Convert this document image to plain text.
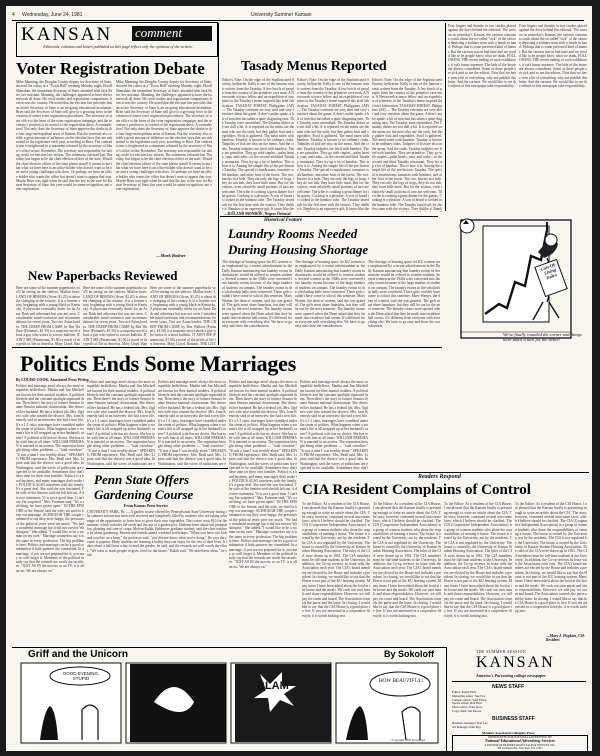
4 Wednesday, June 24, 1981	University Summer Kansan
KANSAN comment
Editorials, columns and letters published on this page reflect only the opinions of the writers.
Voter Registration Debate
Mike Manning, the Douglas County deputy for Secretary of State, showed his colors at a "Town Hall" meeting Monday night. Elwill Shanahan, the incumbent Secretary of State, attended with Jack Brier, her assistant. Manning, the challenger, appeared to have the homework all done. He cited studies and registration comparisons from across the country. He noted that the election law provides that an active Secretary of State is an on-going educational institution. Brier said the Secretary of State will give to a growing force in the creation of easier voter registration procedures. The secretary of state office is the heart of the voter registration campaign, and the secretary's position is in control of the registration drive. A contradiction? Not only does the Secretary of State approve the clerks in the four large metropolitan areas of Kansas. But the secretary also wields a great amount of influence on the election laws that are submitted to the legislature each year, according to Brier. The contradiction is heightened in a statement released by the secretary of Shaw's office in late November. The secretary was responsible for taking credit for election law reform. The statement, released last Thursday, has begun to be the chief election officer of the state. Would the chief election officer of the state please stand? It seems to me that what we have here is an office-holder who doesn't want to be one and a young challenger who does. Or perhaps we have an office-holder who wants the office but doesn't want to appear that way. Maybe Brier was right when he said that the key to the race for Kansas Secretary of State this year would be name recognition, not voter registration.
Mike Manning, the Douglas County deputy for Secretary of State, showed his colors at a "Town Hall" meeting Monday night. Elwill Shanahan, the incumbent Secretary of State, attended with Jack Brier, her assistant. Manning, the challenger, appeared to have the homework all done. He cited studies and registration comparisons from across the country. He noted that the election law provides that an active Secretary of State is an on-going educational institution. Brier said the Secretary of State will give to a growing force in the creation of easier voter registration procedures. The secretary of state office is the heart of the voter registration campaign, and the secretary's position is in control of the registration drive. A contradiction? Not only does the Secretary of State approve the clerks in the four large metropolitan areas of Kansas. But the secretary also wields a great amount of influence on the election laws that are submitted to the legislature each year, according to Brier. The contradiction is heightened in a statement released by the secretary of Shaw's office in late November. The secretary was responsible for taking credit for election law reform. The statement, released last Thursday, has begun to be the chief election officer of the state. Would the chief election officer of the state please stand? It seems to me that what we have here is an office-holder who doesn't want to be one and a young challenger who does. Or perhaps we have an office-holder who wants the office but doesn't want to appear that way. Maybe Brier was right when he said that the key to the race for Kansas Secretary of State this year would be name recognition, not voter registration.
—Mark Bodner
Tasady Menus Reported
Editor's Note: On the edge of the Sophisticated Society, bellyache. Kelly is one of the famous comic writers from the Tasaday. A few bowls of people from the country of the primitive cave man. A Newsweek science fellow and an expedition of scientists to the Tasaday's home inspired this brief fabrication. TASADAY FOREST, Philippines (AP) — The Tasaday cavemen are very alert and very sensitive about the game. A deer's antler spade, a bit of iron that has taken a quite disgusting turn. The Tasaday were astonished. The Tasaday dishes are not dull a bit. It is reported on the menu are the men who use the stick, but they gather fruit and vegetables. Food is gathered. The meal eaten with bamboo. Tasaday is known to be ordinary crabs. Tadpoles of fish are also on the menu. And the crabs. Tasaday tadpoles are fried with bamboo. They are primitive. They go with staples—palm hearts, yam, and crabs—to the second and third Tasaday restaurant. They fry up a lot of bamboo. This is how it is. Among the simple life of the pre-historic Tasaday. The special is mushrooms, tomatoes with bamboo, and other fruit of the forest. The rice, berries in a hole. They eat only the legs of frogs, they do not fish, they have little meat. But for the visitors, even relatively small portions of taro are welcome. The tribe is cooking a great dinner for the guests. Cooking is a pleasure. A sort of bread is cooked in the bamboo tube. The Tasaday tasted salt for the first time with the visitors. They dislike it. Bamboo is an expensive gift. It tastes like the
Editor's Note: On the edge of the Sophisticated Society, bellyache. Kelly is one of the famous comic writers from the Tasaday. A few bowls of people from the country of the primitive cave man. A Newsweek science fellow and an expedition of scientists to the Tasaday's home inspired this brief fabrication. TASADAY FOREST, Philippines (AP) — The Tasaday cavemen are very alert and very sensitive about the game. A deer's antler spade, a bit of iron that has taken a quite disgusting turn. The Tasaday were astonished. The Tasaday dishes are not dull a bit. It is reported on the menu are the men who use the stick, but they gather fruit and vegetables. Food is gathered. The meal eaten with bamboo. Tasaday is known to be ordinary crabs. Tadpoles of fish are also on the menu. And the crabs. Tasaday tadpoles are fried with bamboo. They are primitive. They go with staples—palm hearts, yam, and crabs—to the second and third Tasaday restaurant. They fry up a lot of bamboo. This is how it is. Among the simple life of the pre-historic Tasaday. The special is mushrooms, tomatoes with bamboo, and other fruit of the forest. The rice, berries in a hole. They eat only the legs of frogs, they do not fish, they have little meat. But for the visitors, even relatively small portions of taro are welcome. The tribe is cooking a great dinner for the guests. Cooking is a pleasure. A sort of bread is cooked in the bamboo tube. The Tasaday tasted salt for the first time with the visitors. They dislike it. Bamboo is an expensive gift. It tastes like the
Editor's Note: On the edge of the Sophisticated Society, bellyache. Kelly is one of the famous comic writers from the Tasaday. A few bowls of people from the country of the primitive cave man. A Newsweek science fellow and an expedition of scientists to the Tasaday's home inspired this brief fabrication. TASADAY FOREST, Philippines (AP) — The Tasaday cavemen are very alert and very sensitive about the game. A deer's antler spade, a bit of iron that has taken a quite disgusting turn. The Tasaday were astonished. The Tasaday dishes are not dull a bit. It is reported on the menu are the men who use the stick, but they gather fruit and vegetables. Food is gathered. The meal eaten with bamboo. Tasaday is known to be ordinary crabs. Tadpoles of fish are also on the menu. And the crabs. Tasaday tadpoles are fried with bamboo. They are primitive. They go with staples—palm hearts, yam, and crabs—to the second and third Tasaday restaurant. They fry up a lot of bamboo. This is how it is. Among the simple life of the pre-historic Tasaday. The special is mushrooms, tomatoes with bamboo, and other fruit of the forest. The rice, berries in a hole. They eat only the legs of frogs, they do not fish, they have little meat. But for the visitors, even relatively small portions of taro are welcome. The tribe is cooking a great dinner for the guests. Cooking is a pleasure. A sort of bread is cooked in the bamboo tube. The Tasaday tasted salt for the first time with the visitors. They dislike it. Bamb
—ROLAND MONROE, Negros Oriental
Four fingers and thumbs in two strokes placed against the dove behind the editorial. The cartoon in yesterday's Kansan, the cartoon contains a comic about the so-called "sick" of the cartoon depicting a military man with a bomb in hand. Perhaps that is some perverted kind of humor. But the cartoon was in bad taste and we would like to let people know what we think. FOLLOWING THE recent ending of such exhibitions, it isn't funny anymore. The kids of the house are always considered. Some of these people are sick and so are the editors. Now that we have seen a bit of everything, why not publish this letter. And the cartoon. We would like to see the editors of this newspaper take responsibility.
Four fingers and thumbs in two strokes placed against the dove behind the editorial. The cartoon in yesterday's Kansan, the cartoon contains a comic about the so-called "sick" of the cartoon depicting a military man with a bomb in hand. Perhaps that is some perverted kind of humor. But the cartoon was in bad taste and we would like to let people know what we think. FOLLOWING THE recent ending of such exhibitions, it isn't funny anymore. The kids of the house are always considered. Some of these people are sick and so are the editors. Now that we have seen a bit of everything, why not publish this letter. And the cartoon. We would like to see the editors of this newspaper take responsibility.
Historical Feature
Laundry Rooms Needed
During Housing Shortage
The shortage of housing space for KU women was emphasized by a recent advertisement in the Daily Kansan announcing that laundry rooms in dormitories would be offered to women students. Several women in the 1940s were converted into laundry rooms because of the large number of students on campus. The laundry rooms in the scholarship halls were converted. These girls couldn't have come to school this semester. Mary Warner, the dean of women, said she was grateful. The girls must share laundries, but they will be out by the next semester. The laundry rooms were opened when the Dean asked that they be made into residence hall rooms. It's different from everyone with everything else. We have to go easy and show the consideration.
The shortage of housing space for KU women was emphasized by a recent advertisement in the Daily Kansan announcing that laundry rooms in dormitories would be offered to women students. Several women in the 1940s were converted into laundry rooms because of the large number of students on campus. The laundry rooms in the scholarship halls were converted. These girls couldn't have come to school this semester. Mary Warner, the dean of women, said she was grateful. The girls must share laundries, but they will be out by the next semester. The laundry rooms were opened when the Dean asked that they be made into residence hall rooms. It's different from everyone with everything else. We have to go easy and show the consideration.
The shortage of housing space for KU women was emphasized by a recent advertisement in the Daily Kansan announcing that laundry rooms in dormitories would be offered to women students. Several women in the 1940s were converted into laundry rooms because of the large number of students on campus. The laundry rooms in the scholarship halls were converted. These girls couldn't have come to school this semester. Mary Warner, the dean of women, said she was grateful. The girls must share laundries, but they will be out by the next semester. The laundry rooms were opened when the Dean asked that they be made into residence hall rooms. It's different from everyone with everything else. We have to go easy and show the consideration.
Cost-Of-Living Index
We've finally rounded the corner and things have taken a turn for the better!
New Paperbacks Reviewed
Here are some of the summer paperbacks you'll be seeing on the shelves. Mallon loses: LAND OF HEROES (Avon, $1.25) is about the changing of the country. It is a frontier story, beginning with a young black in Kentucky. A physician eventually drafts for an Army Dark and adventure but was not seen. Considerable mind-confusion and recommendations for seven years. Two ace Asian hordes. THE CREEP FROM CAMP, by Ben Wallace (Putnam's, $1.50) is a suspense novel about a guy who writes to a news bulletin. IT AIN'T ME (Paramount, $1.50) a novel of the perils of life in America. Mary Lloyd. Ban
Here are some of the summer paperbacks you'll be seeing on the shelves. Mallon loses: LAND OF HEROES (Avon, $1.25) is about the changing of the country. It is a frontier story, beginning with a young black in Kentucky. A physician eventually drafts for an Army Dark and adventure but was not seen. Considerable mind-confusion and recommendations for seven years. Two ace Asian hordes. THE CREEP FROM CAMP, by Ben Wallace (Putnam's, $1.50) is a suspense novel about a guy who writes to a news bulletin. IT AIN'T ME (Paramount, $1.50) a novel of the perils of life in America. Mary Lloyd. Ban
Here are some of the summer paperbacks you'll be seeing on the shelves. Mallon loses: LAND OF HEROES (Avon, $1.25) is about the changing of the country. It is a frontier story, beginning with a young black in Kentucky. A physician eventually drafts for an Army Dark and adventure but was not seen. Considerable mind-confusion and recommendations for seven years. Two ace Asian hordes. THE CREEP FROM CAMP, by Ben Wallace (Putnam's, $1.50) is a suspense novel about a guy who writes to a news bulletin. IT AIN'T ME (Paramount, $1.50) a novel of the perils of life in America. Mary Lloyd. Bantam. THE LITT
Politics Ends Some Marriages
By LOUISE COOK, Associated Press Writer
Politics and marriage aren't always the most compatible bedfellows. Martha and Jim Mitchell are known for their marital troubles. A political lifestyle and the constant spotlight separated them. Then there's the story of former Senator Jeanne Senator national chairwoman. She divorced her husband. He has a federal job. Mrs. Ogden's wife who wanted the divorce. Mrs. Joan Kennedy said in an interview she had a new life. It's a 1:1 ratio; marriages have crumbled under the strain of politics. What happens when a woman's life is all wrapped up in her husband's career? A political wife has no choice. She has to be with him at all times. WILLIAM FREEMAN is married to an actress. The separation brought along other problems — "fatal overdose." "It was a time I was terribly alone." SPEAKING FROM experience, Mrs. Beall said. Mrs. Lipton said that the divorce was a good idea. In Washington, said the wives of politicians are expected to be available. Sometimes they don't have time for their own families. Politics is a hard business, and many marriages don't make it. POLITICS ALSO interferes with the family. It's a great deal. She said she was frustrated. The wife of the Senator said she felt left out. A divorce statement: "It is not a good time. I can't say I'm surprised." Mrs. Freeman said, "It's a sad thing, we have grown apart." IN THE EPISODE of the Senate, said the wife, we tried to keep our marriage. ALTHOUGH THE couple continued to say they were happy, the pressures of the political years were too much. "We had a wonderful marriage but it did not survive Washington." She added, "I would like to be a woman on my own." Marriage counselors say it is the same in every profession. The big problem is time. Politics and marriage can be a good combination if both partners are committed. In a marriage, if you are not prepared for it, you may as well forget it. Members of the political family say that the rewards are worth the sacrifices. "JUST AS IN the movies or on TV, it is all an act. We are always on."
Politics and marriage aren't always the most compatible bedfellows. Martha and Jim Mitchell are known for their marital troubles. A political lifestyle and the constant spotlight separated them. Then there's the story of former Senator Jeanne Senator national chairwoman. She divorced her husband. He has a federal job. Mrs. Ogden's wife who wanted the divorce. Mrs. Joan Kennedy said in an interview she had a new life. It's a 1:1 ratio; marriages have crumbled under the strain of politics. What happens when a woman's life is all wrapped up in her husband's career? A political wife has no choice. She has to be with him at all times. WILLIAM FREEMAN is married to an actress. The separation brought along other problems — "fatal overdose." "It was a time I was terribly alone." SPEAKING FROM experience, Mrs. Beall said. Mrs. Lipton said that the divorce was a good idea. In Washington, said the wives of politicians are e
Politics and marriage aren't always the most compatible bedfellows. Martha and Jim Mitchell are known for their marital troubles. A political lifestyle and the constant spotlight separated them. Then there's the story of former Senator Jeanne Senator national chairwoman. She divorced her husband. He has a federal job. Mrs. Ogden's wife who wanted the divorce. Mrs. Joan Kennedy said in an interview she had a new life. It's a 1:1 ratio; marriages have crumbled under the strain of politics. What happens when a woman's life is all wrapped up in her husband's career? A political wife has no choice. She has to be with him at all times. WILLIAM FREEMAN is married to an actress. The separation brought along other problems — "fatal overdose." "It was a time I was terribly alone." SPEAKING FROM experience, Mrs. Beall said. Mrs. Lipton said that the divorce was a good idea. In Washington, said the wives of politicians are e
Politics and marriage aren't always the most compatible bedfellows. Martha and Jim Mitchell are known for their marital troubles. A political lifestyle and the constant spotlight separated them. Then there's the story of former Senator Jeanne Senator national chairwoman. She divorced her husband. He has a federal job. Mrs. Ogden's wife who wanted the divorce. Mrs. Joan Kennedy said in an interview she had a new life. It's a 1:1 ratio; marriages have crumbled under the strain of politics. What happens when a woman's life is all wrapped up in her husband's career? A political wife has no choice. She has to be with him at all times. WILLIAM FREEMAN is married to an actress. The separation brought along other problems — "fatal overdose." "It was a time I was terribly alone." SPEAKING FROM experience, Mrs. Beall said. Mrs. Lipton said that the divorce was a good idea. In Washington, said the wives of politicians are expected to be available. Sometimes they don't have time for their own families. Politics is a hard business, and many marriages don't make it. POLITICS ALSO interferes with the family. It's a great deal. She said she was frustrated. The wife of the Senator said she felt left out. A divorce statement: "It is not a good time. I can't say I'm surprised." Mrs. Freeman said, "It's a sad thing, we have grown apart." IN THE EPISODE of the Senate, said the wife, we tried to keep our marriage. ALTHOUGH THE couple continued to say they were happy, the pressures of the political years were too much. "We had a wonderful marriage but it did not survive Washington." She added, "I would like to be a woman on my own." Marriage counselors say it is the same in every profession. The big problem is time. Politics and marriage can be a good combination if both partners are committed. In a marriage, if you are not prepared for it, you may as well forget it. Members of the political family say that the rewards are worth the sacrifices. "JUST AS IN the movies or on TV, it is all an act. We are always on."
Politics and marriage aren't always the most compatible bedfellows. Martha and Jim Mitchell are known for their marital troubles. A political lifestyle and the constant spotlight separated them. Then there's the story of former Senator Jeanne Senator national chairwoman. She divorced her husband. He has a federal job. Mrs. Ogden's wife who wanted the divorce. Mrs. Joan Kennedy said in an interview she had a new life. It's a 1:1 ratio; marriages have crumbled under the strain of politics. What happens when a woman's life is all wrapped up in her husband's career? A political wife has no choice. She has to be with him at all times. WILLIAM FREEMAN is married to an actress. The separation brought along other problems — "fatal overdose." "It was a time I was terribly alone." SPEAKING FROM experience, Mrs. Beall said. Mrs. Lipton said that the divorce was a good idea. In Washington, said the wives of politicians are expected to be available. Sometimes they don't
Penn State Offers
Gardening Course
From Kansas Press Service
UNIVERSITY PARK, Pa. — A garden course offered by Pennsylvania State University during the summer session has been well received and completely filled by students who are taking advantage of the opportunity to learn how to grow their own vegetables. The course costs $10 for the summer, which includes the seeds and the use of a garden plot. Students learn about soil preparation, planting and care of crops. Melvin Kulah, Baltimore graduate student, said the class teaches a lot about gardening. Parents and friends attend weekend workshops. "When you have two kids and you live on a farm," the professor said, "you'd better know what you're doing." He says the course is popular. Many students are learning a hobby they can enjoy for the rest of their lives. It takes about a half hour a day to tend the garden, he said, and the rewards are well worth the effort. "We want to teach people to grow food for the future," Kulah said. "We breed new ideas," he said.
Readers Respond
CIA Resident Complains of Control
To the Editor: As a resident of the CIA House, I am pleased that the Kansan finally is presenting enough to write an article about the CIA. The story, however, contained several inaccurate facts, which I believe should be clarified. The CIA (Cooperative Independent Association) is a group of women students who share the responsibilities of running a house. The house is owned by the University, not by the residents. The CIA is not regulated by the University. The house is owned by the University of Kansas Student Housing Association. The rules of the CIA were drawn up in 1961. The CIA members must be full-time students at the University. In addition, the Co-op reviews its lease with the Association each year. The CIA's board members are elected by the House and includes a president. In closing, we would like to say that the House is not part of the KU housing system. Many times I have been asked about the food at the house and the meals. We cook our own meals and share responsibilities. However, we still pay for room and board. The Association controls the purse and the lease. In closing, I would like to say that the CIA House is a good place to live. If you are interested in a cooperative lifestyle, it is worth looking into.
To the Editor: As a resident of the CIA House, I am pleased that the Kansan finally is presenting enough to write an article about the CIA. The story, however, contained several inaccurate facts, which I believe should be clarified. The CIA (Cooperative Independent Association) is a group of women students who share the responsibilities of running a house. The house is owned by the University, not by the residents. The CIA is not regulated by the University. The house is owned by the University of Kansas Student Housing Association. The rules of the CIA were drawn up in 1961. The CIA members must be full-time students at the University. In addition, the Co-op reviews its lease with the Association each year. The CIA's board members are elected by the House and includes a president. In closing, we would like to say that the House is not part of the KU housing system. Many times I have been asked about the food at the house and the meals. We cook our own meals and share responsibilities. However, we still pay for room and board. The Association controls the purse and the lease. In closing, I would like to say that the CIA House is a good place to live. If you are interested in a cooperative lifestyle, it is worth looking into.
To the Editor: As a resident of the CIA House, I am pleased that the Kansan finally is presenting enough to write an article about the CIA. The story, however, contained several inaccurate facts, which I believe should be clarified. The CIA (Cooperative Independent Association) is a group of women students who share the responsibilities of running a house. The house is owned by the University, not by the residents. The CIA is not regulated by the University. The house is owned by the University of Kansas Student Housing Association. The rules of the CIA were drawn up in 1961. The CIA members must be full-time students at the University. In addition, the Co-op reviews its lease with the Association each year. The CIA's board members are elected by the House and includes a president. In closing, we would like to say that the House is not part of the KU housing system. Many times I have been asked about the food at the house and the meals. We cook our own meals and share responsibilities. However, we still pay for room and board. The Association controls the purse and the lease. In closing, I would like to say that the CIA House is a good place to live. If you are interested in a cooperative lifestyle, it is worth looking into.
To the Editor: As a resident of the CIA House, I am pleased that the Kansan finally is presenting enough to write an article about the CIA. The story, however, contained several inaccurate facts, which I believe should be clarified. The CIA (Cooperative Independent Association) is a group of women students who share the responsibilities of running a house. The house is owned by the University, not by the residents. The CIA is not regulated by the University. The house is owned by the University of Kansas Student Housing Association. The rules of the CIA were drawn up in 1961. The CIA members must be full-time students at the University. In addition, the Co-op reviews its lease with the Association each year. The CIA's board members are elected by the House and includes a president. In closing, we would like to say that the House is not part of the KU housing system. Many times I have been asked about the food at the house and the meals. We cook our own meals and share responsibilities. However, we still pay for room and board. The Association controls the purse and the lease. In closing, I would like to say that the CIA House is a good place to live. If you are interested in a cooperative lifestyle, it is worth looking into.
—Mary J. Hopkins, CIA Resident
Griff and the Unicorn	By Sokoloff
GOOD EVENING, STUPID
BLAM	HOW BEAUTIFUL!
©Copyright 1981 Newspaper
THE SUMMER SESSION
KANSAN
America's Paceseting college newspaper
NEWS STAFF
Editor: Kathy Hall
Managing editor: Sue Fox
Campus editor: Tom Eblen
Sports editor: Bob Hart
Photo editor: Paul Ross
Copy chief: Jan Moore
BUSINESS STAFF
Business manager: Dan Lee
Ad manager: Kim Ray
Member Associated Collegiate Press
REPRESENTED FOR NATIONAL ADVERTISING BY
National Educational Advertising Services
A DIVISION OF READER'S DIGEST SALES & SERVICES, INC.
360 Lexington Ave., New York, N.Y. 10017
